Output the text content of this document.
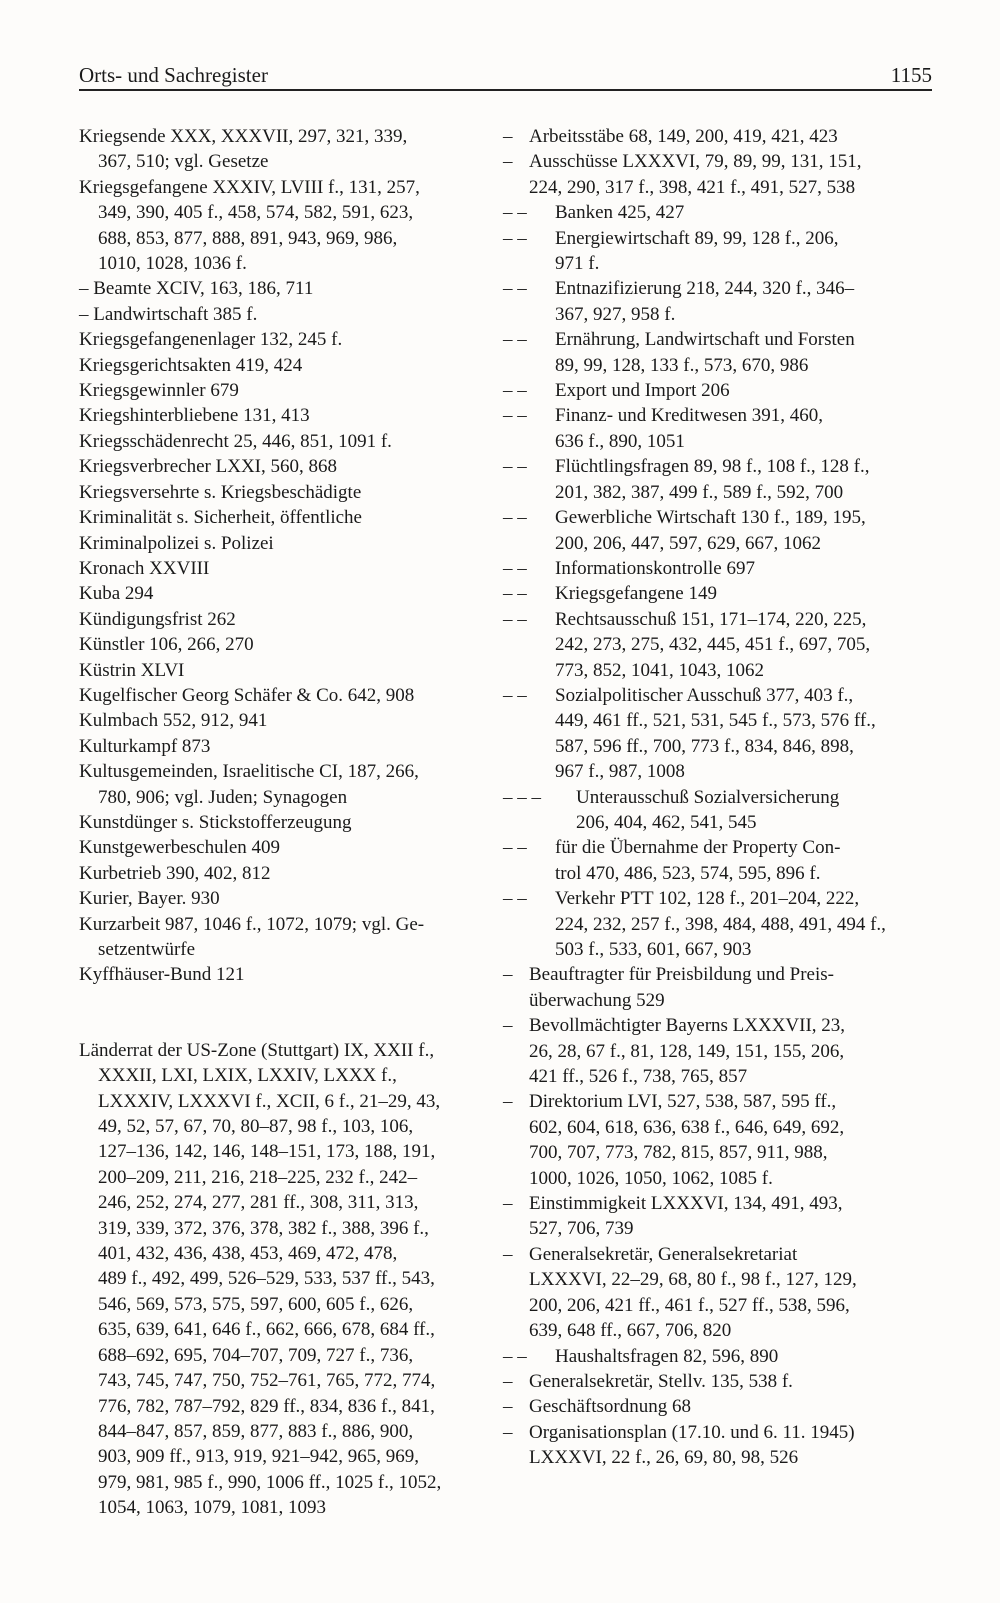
Orts- und Sachregister	1155

Kriegsende XXX, XXXVII, 297, 321, 339,
367, 510; vgl. Gesetze

Kriegsgefangene XXXIV, LVIII f., 131, 257,
349, 390, 405 f., 458, 574, 582, 591, 623,
688, 853, 877, 888, 891, 943, 969, 986,
1010, 1028, 1036 f.

– Beamte XCIV, 163, 186, 711

– Landwirtschaft 385 f.

Kriegsgefangenenlager 132, 245 f.

Kriegsgerichtsakten 419, 424

Kriegsgewinnler 679

Kriegshinterbliebene 131, 413

Kriegsschädenrecht 25, 446, 851, 1091 f.

Kriegsverbrecher LXXI, 560, 868

Kriegsversehrte s. Kriegsbeschädigte

Kriminalität s. Sicherheit, öffentliche

Kriminalpolizei s. Polizei

Kronach XXVIII

Kuba 294

Kündigungsfrist 262

Künstler 106, 266, 270

Küstrin XLVI

Kugelfischer Georg Schäfer & Co. 642, 908

Kulmbach 552, 912, 941

Kulturkampf 873

Kultusgemeinden, Israelitische CI, 187, 266,
780, 906; vgl. Juden; Synagogen

Kunstdünger s. Stickstofferzeugung

Kunstgewerbeschulen 409

Kurbetrieb 390, 402, 812

Kurier, Bayer. 930

Kurzarbeit 987, 1046 f., 1072, 1079; vgl. Ge-
setzentwürfe

Kyffhäuser-Bund 121

Länderrat der US-Zone (Stuttgart) IX, XXII f.,
XXXII, LXI, LXIX, LXXIV, LXXX f.,
LXXXIV, LXXXVI f., XCII, 6 f., 21–29, 43,
49, 52, 57, 67, 70, 80–87, 98 f., 103, 106,
127–136, 142, 146, 148–151, 173, 188, 191,
200–209, 211, 216, 218–225, 232 f., 242–
246, 252, 274, 277, 281 ff., 308, 311, 313,
319, 339, 372, 376, 378, 382 f., 388, 396 f.,
401, 432, 436, 438, 453, 469, 472, 478,
489 f., 492, 499, 526–529, 533, 537 ff., 543,
546, 569, 573, 575, 597, 600, 605 f., 626,
635, 639, 641, 646 f., 662, 666, 678, 684 ff.,
688–692, 695, 704–707, 709, 727 f., 736,
743, 745, 747, 750, 752–761, 765, 772, 774,
776, 782, 787–792, 829 ff., 834, 836 f., 841,
844–847, 857, 859, 877, 883 f., 886, 900,
903, 909 ff., 913, 919, 921–942, 965, 969,
979, 981, 985 f., 990, 1006 ff., 1025 f., 1052,
1054, 1063, 1079, 1081, 1093

– Arbeitsstäbe 68, 149, 200, 419, 421, 423
– Ausschüsse LXXXVI, 79, 89, 99, 131, 151,
224, 290, 317 f., 398, 421 f., 491, 527, 538
– –	Banken 425, 427
– –	Energiewirtschaft 89, 99, 128 f., 206,
971 f.
– –	Entnazifizierung 218, 244, 320 f., 346–
367, 927, 958 f.
– –	Ernährung, Landwirtschaft und Forsten
89, 99, 128, 133 f., 573, 670, 986
– –	Export und Import 206
– –	Finanz- und Kreditwesen 391, 460,
636 f., 890, 1051
– –	Flüchtlingsfragen 89, 98 f., 108 f., 128 f.,
201, 382, 387, 499 f., 589 f., 592, 700
– –	Gewerbliche Wirtschaft 130 f., 189, 195,
200, 206, 447, 597, 629, 667, 1062
– –	Informationskontrolle 697
– –	Kriegsgefangene 149
– –	Rechtsausschuß 151, 171–174, 220, 225,
242, 273, 275, 432, 445, 451 f., 697, 705,
773, 852, 1041, 1043, 1062
– –	Sozialpolitischer Ausschuß 377, 403 f.,
449, 461 ff., 521, 531, 545 f., 573, 576 ff.,
587, 596 ff., 700, 773 f., 834, 846, 898,
967 f., 987, 1008
– – –	Unterausschuß Sozialversicherung
206, 404, 462, 541, 545
– –	für die Übernahme der Property Con-
trol 470, 486, 523, 574, 595, 896 f.
– –	Verkehr PTT 102, 128 f., 201–204, 222,
224, 232, 257 f., 398, 484, 488, 491, 494 f.,
503 f., 533, 601, 667, 903
– Beauftragter für Preisbildung und Preis-
überwachung 529
– Bevollmächtigter Bayerns LXXXVII, 23,
26, 28, 67 f., 81, 128, 149, 151, 155, 206,
421 ff., 526 f., 738, 765, 857
– Direktorium LVI, 527, 538, 587, 595 ff.,
602, 604, 618, 636, 638 f., 646, 649, 692,
700, 707, 773, 782, 815, 857, 911, 988,
1000, 1026, 1050, 1062, 1085 f.
– Einstimmigkeit LXXXVI, 134, 491, 493,
527, 706, 739
– Generalsekretär, Generalsekretariat
LXXXVI, 22–29, 68, 80 f., 98 f., 127, 129,
200, 206, 421 ff., 461 f., 527 ff., 538, 596,
639, 648 ff., 667, 706, 820
– –	Haushaltsfragen 82, 596, 890
– Generalsekretär, Stellv. 135, 538 f.
– Geschäftsordnung 68
– Organisationsplan (17.10. und 6. 11. 1945)
LXXXVI, 22 f., 26, 69, 80, 98, 526
